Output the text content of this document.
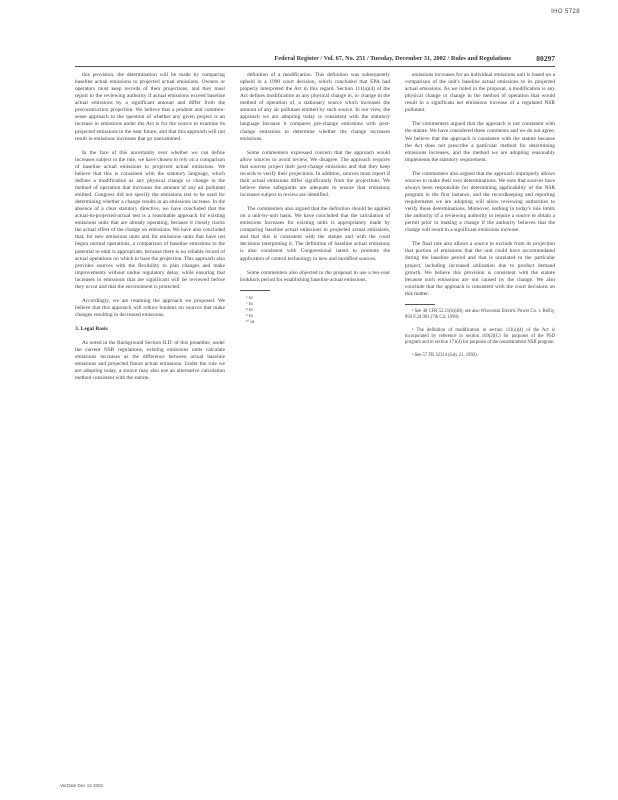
IHO 5728
Federal Register / Vol. 67, No. 251 / Tuesday, December 31, 2002 / Rules and Regulations	80297

this provision, the determination will be made by comparing baseline actual emissions to projected actual emissions. Owners or operators must keep records of their projections, and they must report to the reviewing authority if actual emissions exceed baseline actual emissions by a significant amount and differ from the preconstruction projection. We believe that a prudent and common-sense approach to the question of whether any given project is an increase in emissions under the Act is for the source to examine its projected emissions in the near future, and that this approach will not result in emissions increases that go unexamined.

In the face of this uncertainty over whether we can define increases subject to the rule, we have chosen to rely on a comparison of baseline actual emissions to projected actual emissions. We believe that this is consistent with the statutory language, which defines a modification as any physical change or change in the method of operation that increases the amount of any air pollutant emitted. Congress did not specify the emissions test to be used for determining whether a change results in an emissions increase. In the absence of a clear statutory directive, we have concluded that the actual-to-projected-actual test is a reasonable approach for existing emissions units that are already operating, because it closely tracks the actual effect of the change on emissions. We have also concluded that, for new emissions units and for emissions units that have not begun normal operations, a comparison of baseline emissions to the potential to emit is appropriate, because there is no reliable record of actual operations on which to base the projection. This approach also provides sources with the flexibility to plan changes and make improvements without undue regulatory delay, while ensuring that increases in emissions that are significant will be reviewed before they occur and that the environment is protected.

Accordingly, we are retaining the approach we proposed. We believe that this approach will reduce burdens on sources that make changes resulting in decreased emissions.

3. Legal Basis

As noted in the Background Section II.D. of this preamble, under the current NSR regulations, existing emissions units calculate emissions increases as the difference between actual baseline emissions and projected future actual emissions. Under the rule we are adopting today, a source may also use an alternative calculation method consistent with the statute.

definition of a modification. This definition was subsequently upheld in a 1990 court decision, which concluded that EPA had properly interpreted the Act in this regard. Section 111(a)(4) of the Act defines modification as any physical change in, or change in the method of operation of, a stationary source which increases the amount of any air pollutant emitted by such source. In our view, the approach we are adopting today is consistent with the statutory language because it compares pre-change emissions with post-change emissions to determine whether the change increases emissions.

Some commenters expressed concern that the approach would allow sources to avoid review. We disagree. The approach requires that sources project their post-change emissions and that they keep records to verify their projections. In addition, sources must report if their actual emissions differ significantly from the projections. We believe these safeguards are adequate to ensure that emissions increases subject to review are identified.

The commenters also argued that the definition should be applied on a unit-by-unit basis. We have concluded that the calculation of emissions increases for existing units is appropriately made by comparing baseline actual emissions to projected actual emissions, and that this is consistent with the statute and with the court decisions interpreting it. The definition of baseline actual emissions is also consistent with Congressional intent to promote the application of control technology to new and modified sources.

Some commenters also objected to the proposal to use a ten-year lookback period for establishing baseline actual emissions.

⁶ Id.
⁷ Id.
⁸ Id.
⁹ Id.
¹⁰ Id.

emissions increases for an individual emissions unit is based on a comparison of the unit's baseline actual emissions to its projected actual emissions. As we noted in the proposal, a modification is any physical change or change in the method of operation that would result in a significant net emissions increase of a regulated NSR pollutant.

The commenters argued that the approach is not consistent with the statute. We have considered these comments and we do not agree. We believe that the approach is consistent with the statute because the Act does not prescribe a particular method for determining emissions increases, and the method we are adopting reasonably implements the statutory requirement.

The commenters also argued that the approach improperly allows sources to make their own determinations. We note that sources have always been responsible for determining applicability of the NSR program in the first instance, and the recordkeeping and reporting requirements we are adopting will allow reviewing authorities to verify those determinations. Moreover, nothing in today's rule limits the authority of a reviewing authority to require a source to obtain a permit prior to making a change if the authority believes that the change will result in a significant emissions increase.

The final rule also allows a source to exclude from its projection that portion of emissions that the unit could have accommodated during the baseline period and that is unrelated to the particular project, including increased utilization due to product demand growth. We believe this provision is consistent with the statute because such emissions are not caused by the change. We also conclude that the approach is consistent with the court decisions on this matter.

¹ See 40 CFR 52.21(b)(48); see also Wisconsin Electric Power Co. v. Reilly, 893 F.2d 901 (7th Cir. 1990).

² The definition of modification in section 111(a)(4) of the Act is incorporated by reference in section 169(2)(C) for purposes of the PSD program and in section 171(4) for purposes of the nonattainment NSR program.

³ See 57 FR 32314 (July 21, 1992).

VerDate Dec 13 2002
